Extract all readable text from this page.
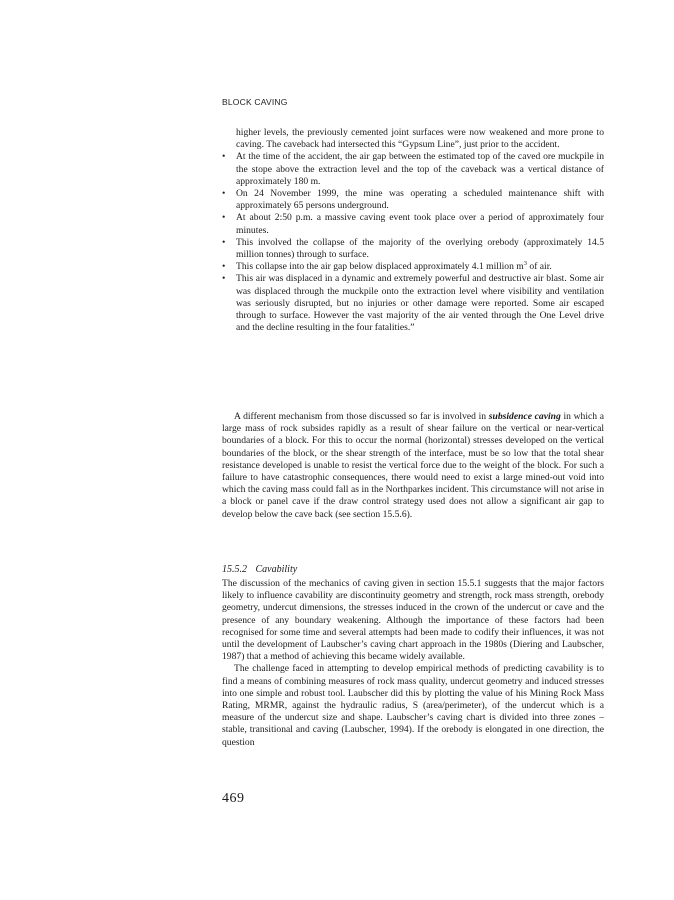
BLOCK CAVING

higher levels, the previously cemented joint surfaces were now weakened and more prone to caving. The caveback had intersected this “Gypsum Line”, just prior to the accident.

• At the time of the accident, the air gap between the estimated top of the caved ore muckpile in the stope above the extraction level and the top of the caveback was a vertical distance of approximately 180 m.
• On 24 November 1999, the mine was operating a scheduled maintenance shift with approximately 65 persons underground.
• At about 2:50 p.m. a massive caving event took place over a period of approximately four minutes.
• This involved the collapse of the majority of the overlying orebody (approximately 14.5 million tonnes) through to surface.
• This collapse into the air gap below displaced approximately 4.1 million $m^3$ of air.
• This air was displaced in a dynamic and extremely powerful and destructive air blast. Some air was displaced through the muckpile onto the extraction level where visibility and ventilation was seriously disrupted, but no injuries or other damage were reported. Some air escaped through to surface. However the vast majority of the air vented through the One Level drive and the decline resulting in the four fatalities.”

A different mechanism from those discussed so far is involved in subsidence caving in which a large mass of rock subsides rapidly as a result of shear failure on the vertical or near-vertical boundaries of a block. For this to occur the normal (horizontal) stresses developed on the vertical boundaries of the block, or the shear strength of the interface, must be so low that the total shear resistance developed is unable to resist the vertical force due to the weight of the block. For such a failure to have catastrophic consequences, there would need to exist a large mined-out void into which the caving mass could fall as in the Northparkes incident. This circumstance will not arise in a block or panel cave if the draw control strategy used does not allow a significant air gap to develop below the cave back (see section 15.5.6).

15.5.2 Cavability

The discussion of the mechanics of caving given in section 15.5.1 suggests that the major factors likely to influence cavability are discontinuity geometry and strength, rock mass strength, orebody geometry, undercut dimensions, the stresses induced in the crown of the undercut or cave and the presence of any boundary weakening. Although the importance of these factors had been recognised for some time and several attempts had been made to codify their influences, it was not until the development of Laubscher’s caving chart approach in the 1980s (Diering and Laubscher, 1987) that a method of achieving this became widely available.

The challenge faced in attempting to develop empirical methods of predicting cavability is to find a means of combining measures of rock mass quality, undercut geometry and induced stresses into one simple and robust tool. Laubscher did this by plotting the value of his Mining Rock Mass Rating, MRMR, against the hydraulic radius, S (area/perimeter), of the undercut which is a measure of the undercut size and shape. Laubscher’s caving chart is divided into three zones – stable, transitional and caving (Laubscher, 1994). If the orebody is elongated in one direction, the question

469
